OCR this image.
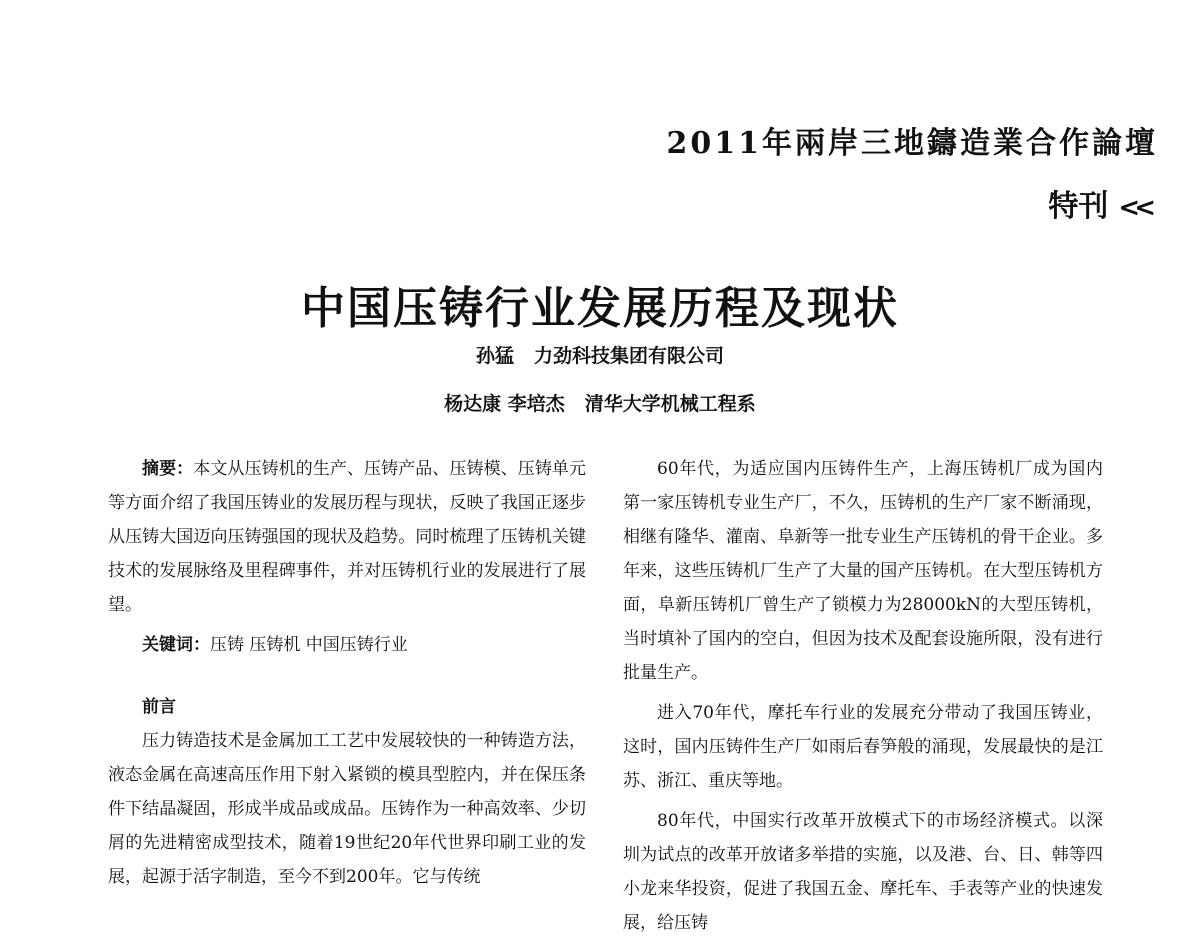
2011年兩岸三地鑄造業合作論壇
特刊 <<
中国压铸行业发展历程及现状
孙猛 力劲科技集团有限公司
杨达康 李培杰 清华大学机械工程系

摘要：本文从压铸机的生产、压铸产品、压铸模、压铸单元等方面介绍了我国压铸业的发展历程与现状，反映了我国正逐步从压铸大国迈向压铸强国的现状及趋势。同时梳理了压铸机关键技术的发展脉络及里程碑事件，并对压铸机行业的发展进行了展望。

关键词：压铸 压铸机 中国压铸行业

前言

压力铸造技术是金属加工工艺中发展较快的一种铸造方法，液态金属在高速高压作用下射入紧锁的模具型腔内，并在保压条件下结晶凝固，形成半成品或成品。压铸作为一种高效率、少切屑的先进精密成型技术，随着19世纪20年代世界印刷工业的发展，起源于活字制造，至今不到200年。它与传统

60年代，为适应国内压铸件生产，上海压铸机厂成为国内第一家压铸机专业生产厂，不久，压铸机的生产厂家不断涌现，相继有隆华、灌南、阜新等一批专业生产压铸机的骨干企业。多年来，这些压铸机厂生产了大量的国产压铸机。在大型压铸机方面，阜新压铸机厂曾生产了锁模力为28000kN的大型压铸机，当时填补了国内的空白，但因为技术及配套设施所限，没有进行批量生产。

进入70年代，摩托车行业的发展充分带动了我国压铸业，这时，国内压铸件生产厂如雨后春笋般的涌现，发展最快的是江苏、浙江、重庆等地。

80年代，中国实行改革开放模式下的市场经济模式。以深圳为试点的改革开放诸多举措的实施，以及港、台、日、韩等四小龙来华投资，促进了我国五金、摩托车、手表等产业的快速发展，给压铸
